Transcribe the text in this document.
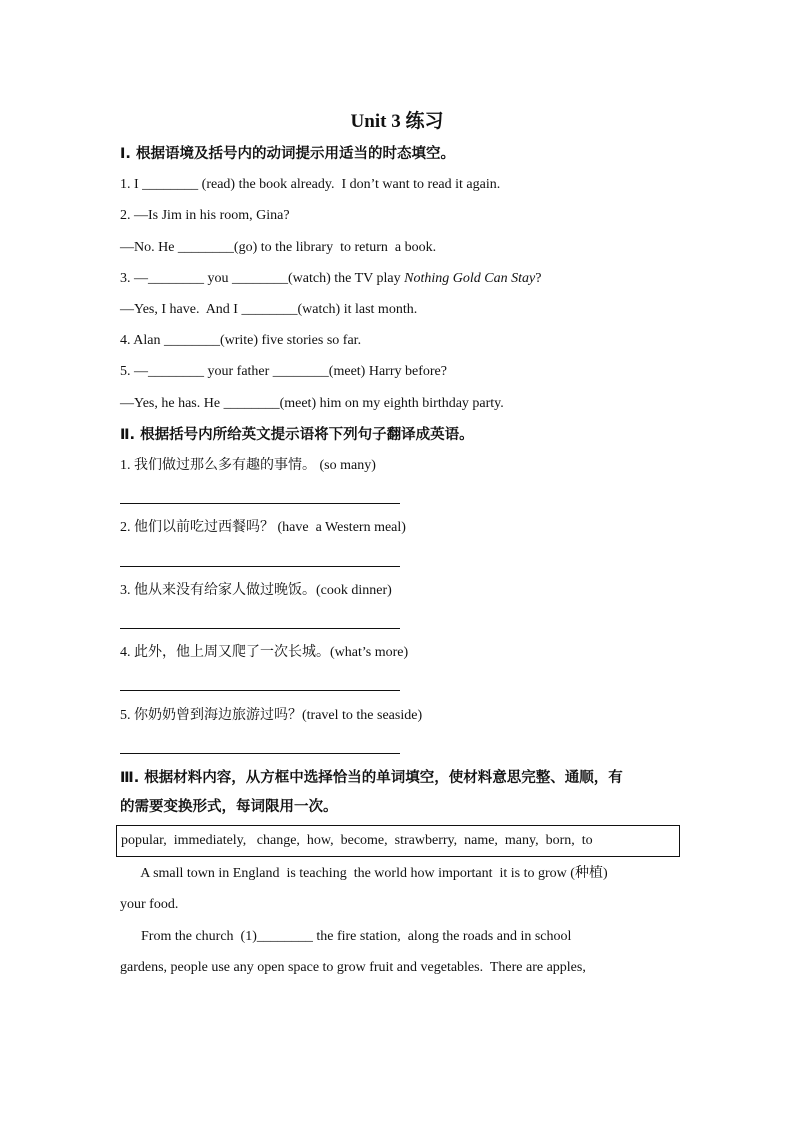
Unit 3 练习
Ⅰ. 根据语境及括号内的动词提示用适当的时态填空。
1. I ________ (read) the book already.  I don’t want to read it again.
2. —Is Jim in his room, Gina?
—No. He ________(go) to the library  to return  a book.
3. —________ you ________(watch) the TV play Nothing Gold Can Stay?
—Yes, I have.  And I ________(watch) it last month.
4. Alan ________(write) five stories so far.
5. —________ your father ________(meet) Harry before?
—Yes, he has. He ________(meet) him on my eighth birthday party.
Ⅱ. 根据括号内所给英文提示语将下列句子翻译成英语。
1. 我们做过那么多有趣的事情。 (so many)
2. 他们以前吃过西餐吗？ (have  a Western meal)
3. 他从来没有给家人做过晚饭。(cook dinner)
4. 此外，他上周又爬了一次长城。(what’s more)
5. 你奶奶曾到海边旅游过吗？(travel to the seaside)
Ⅲ. 根据材料内容，从方框中选择恰当的单词填空，使材料意思完整、通顺，有
的需要变换形式，每词限用一次。
popular,  immediately,   change,  how,  become,  strawberry,  name,  many,  born,  to
A small town in England  is teaching  the world how important  it is to grow (种植)
your food.
From the church  (1)________ the fire station,  along the roads and in school
gardens, people use any open space to grow fruit and vegetables.  There are apples,
